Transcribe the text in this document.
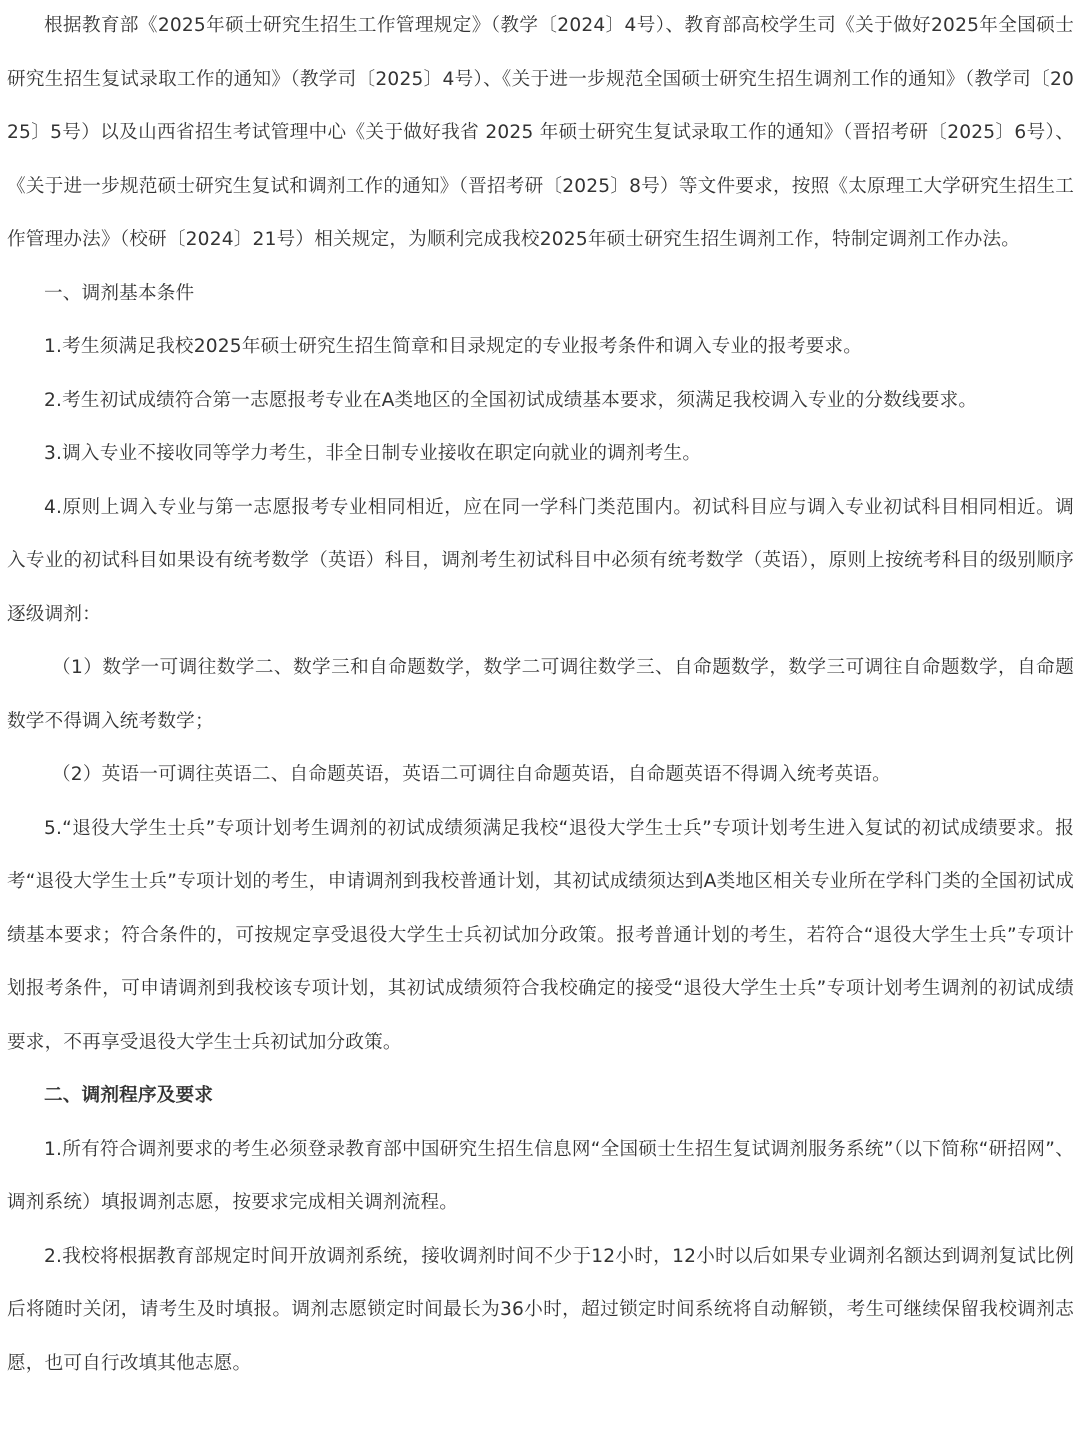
根据教育部《2025年硕士研究生招生工作管理规定》（教学〔2024〕4号）、教育部高校学生司《关于做好2025年全国硕士研究生招生复试录取工作的通知》（教学司〔2025〕4号）、《关于进一步规范全国硕士研究生招生调剂工作的通知》（教学司〔2025〕5号）以及山西省招生考试管理中心《关于做好我省 2025 年硕士研究生复试录取工作的通知》（晋招考研〔2025〕6号）、《关于进一步规范硕士研究生复试和调剂工作的通知》（晋招考研〔2025〕8号）等文件要求，按照《太原理工大学研究生招生工作管理办法》（校研〔2024〕21号）相关规定，为顺利完成我校2025年硕士研究生招生调剂工作，特制定调剂工作办法。

一、调剂基本条件

1.考生须满足我校2025年硕士研究生招生简章和目录规定的专业报考条件和调入专业的报考要求。

2.考生初试成绩符合第一志愿报考专业在A类地区的全国初试成绩基本要求，须满足我校调入专业的分数线要求。

3.调入专业不接收同等学力考生，非全日制专业接收在职定向就业的调剂考生。

4.原则上调入专业与第一志愿报考专业相同相近，应在同一学科门类范围内。初试科目应与调入专业初试科目相同相近。调入专业的初试科目如果设有统考数学（英语）科目，调剂考生初试科目中必须有统考数学（英语），原则上按统考科目的级别顺序逐级调剂：

（1）数学一可调往数学二、数学三和自命题数学，数学二可调往数学三、自命题数学，数学三可调往自命题数学，自命题数学不得调入统考数学；

（2）英语一可调往英语二、自命题英语，英语二可调往自命题英语，自命题英语不得调入统考英语。

5.“退役大学生士兵”专项计划考生调剂的初试成绩须满足我校“退役大学生士兵”专项计划考生进入复试的初试成绩要求。报考“退役大学生士兵”专项计划的考生，申请调剂到我校普通计划，其初试成绩须达到A类地区相关专业所在学科门类的全国初试成绩基本要求；符合条件的，可按规定享受退役大学生士兵初试加分政策。报考普通计划的考生，若符合“退役大学生士兵”专项计划报考条件，可申请调剂到我校该专项计划，其初试成绩须符合我校确定的接受“退役大学生士兵”专项计划考生调剂的初试成绩要求，不再享受退役大学生士兵初试加分政策。

二、调剂程序及要求

1.所有符合调剂要求的考生必须登录教育部中国研究生招生信息网“全国硕士生招生复试调剂服务系统”（以下简称“研招网”、调剂系统）填报调剂志愿，按要求完成相关调剂流程。

2.我校将根据教育部规定时间开放调剂系统，接收调剂时间不少于12小时，12小时以后如果专业调剂名额达到调剂复试比例后将随时关闭，请考生及时填报。调剂志愿锁定时间最长为36小时，超过锁定时间系统将自动解锁，考生可继续保留我校调剂志愿，也可自行改填其他志愿。
